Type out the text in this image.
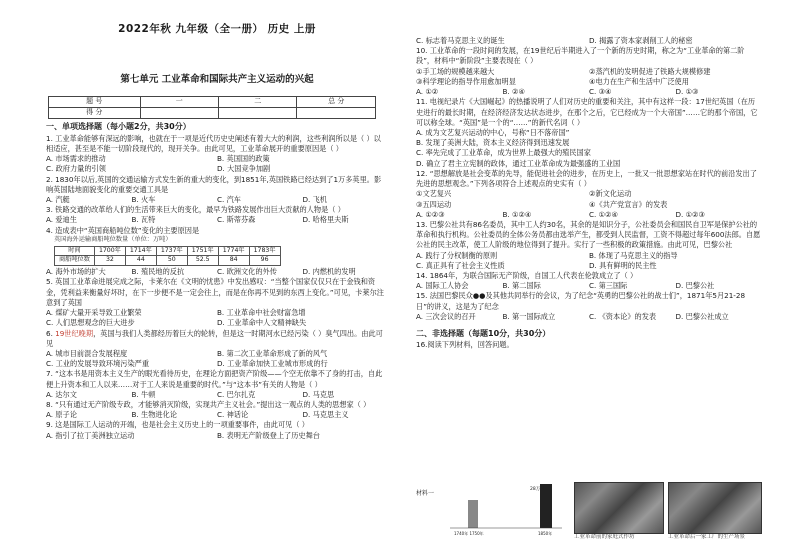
2022年秋 九年级（全一册） 历史 上册
第七单元 工业革命和国际共产主义运动的兴起
题 号	一	二	总 分
得 分			
一、单项选择题（每小题2分，共30分）
1. 工业革命能够有深远的影响，也就在于一项是近代历史史阐述有着大大的利润，这些利润所以是（ ）以相适应，甚至是不能一切阶段现代的，现开关争。由此可见，工业革命展开的重要原因是（ ）
A. 市场需求的推动	B. 英国国的政策
C. 政府力量的引领	D. 大国竞争加剧
2. 1830年以后,英国的交通运输方式发生新的重大的变化，到1851年,英国铁路已经达到了1万多英里。影响英国陆地面貌变化的重要交通工具是
A. 汽艇	B. 火车	C. 汽车	D. 飞机
3. 铁路交通的改革给人们的生活带来巨大的变化，最早为铁路发展作出巨大贡献的人物是（ ）
A. 爱迪生	B. 瓦特	C. 斯蒂芬森	D. 哈格里夫斯
4. 造成表中“英国商船吨位数”变化的主要原因是
英国海外运输商船吨位数量（单位：万吨）
时间	1700年	1714年	1737年	1751年	1774年	1783年
商船吨位数	32	44	50	52.5	84	96
A. 海外市场的扩大	B. 殖民地的反抗	C. 欧洲文化的外传	D. 内燃机的发明
5. 英国工业革命进展完成之际，卡莱尔在《文明的忧患》中发出感叹：“当整个国家仅仅只在于金钱和资金，凭利益来衡量好坏时，在下一步便不是一定会往上，而是在你再不见到的东西上变化。”可见，卡莱尔注意到了英国
A. 煤矿大量开采导致工业繁荣	B. 工业革命中社会财富急增
C. 人们思想观念的巨大进步	D. 工业革命中人文精神缺失
6. 19世纪晚期，英国与我们人类都经历着巨大的轮转，但是这一时期河水已经污染（ ）臭气四出。由此可见
A. 城市目前混合发展程度	B. 第二次工业革命形成了新的风气
C. 工业的发展导致环境污染严重	D. 工业革命加快工业城市形成的行
7. “这本书是用资本主义生产的眼光看待历史，在理论方面把资产阶级——个空无依靠不了身的打击，自此便上升资本和工人以来……对于工人来说是重要的时代。”与“这本书”有关的人物是（ ）
A. 达尔文	B. 牛顿	C. 巴尔扎克	D. 马克思
8. “只有通过无产阶级专政，才能够消灭阶级，实现共产主义社会。”提出这一观点的人类的思想家（ ）
A. 原子论	B. 生物进化论	C. 神话论	D. 马克思主义
9. 这是国际工人运动的开端，也是社会主义历史上的一项重要事件，由此可见（ ）
A. 指引了拉丁美洲独立运动	B. 表明无产阶级登上了历史舞台
C. 标志着马克思主义的诞生	D. 揭露了资本家剥削工人的秘密
10. 工业革命的一段时间的发展，在19世纪后半期进入了一个新的历史时期，称之为“工业革命的第二阶段”，材料中“新阶段”主要表现在（ ）
①手工场的规模越来越大	②蒸汽机的发明促进了铁路大规模修建
③科学理论的指导作用愈加明显	④电力在生产和生活中广泛使用
A. ①②	B. ②④	C. ③④	D. ①③
11. 电视纪录片《大国崛起》的热播说明了人们对历史的重要和关注，其中有这样一段：17世纪英国（在历史进行的最长时期，在经济经济发达状态进步，在那个之后，它已经成为一个大帝国”……它的那个帝国，它可以称全球。“英国”是一个的“……”的新代名词（ ）
A. 成为文艺复兴运动的中心，号称“日不落帝国”
B. 发现了美洲大陆，资本主义经济得到迅速发展
C. 率先完成了工业革命，成为世界上最强大的殖民国家
D. 确立了君主立宪制的政体，通过工业革命成为最强盛的工业国
12. “思想解放是社会变革的先导，能促进社会的进步，在历史上，一批又一批思想家站在时代的前沿发出了先进的思想观念。”下列各项符合上述观点的史实有（ ）
①文艺复兴	②新文化运动
③五四运动	④《共产党宣言》的发表
A. ①②③	B. ①②④	C. ①②④	D. ①②③
13. 巴黎公社共有86名委员，其中工人约30名，其余的是知识分子，公社委员会和国民自卫军是保护公社的革命和执行机构。公社委员的全体公务员都由选举产生，都受到人民监督，工资不得超过每年600法郎。自愿公社的民主改革，使工人阶级的地位得到了提升。实行了一些积极的政策措施。由此可见，巴黎公社
A. 践行了分权制衡的原则	B. 体现了马克思主义的指导
C. 真正具有了社会主义性质	D. 具有鲜明的民主性
14. 1864年，为联合国际无产阶级，自国工人代表在伦敦成立了（ ）
A. 国际工人协会	B. 第二国际	C. 第三国际	D. 巴黎公社
15. 法国巴黎民众●●及其他共同举行的会议，为了纪念“英勇的巴黎公社的战士们”，1871年5月21-28日”的讲义，这是为了纪念
A. 三次会议的召开	B. 第一国际成立	C. 《资本论》的发表	D. 巴黎公社成立
二、非选择题（每题10分，共30分）
16.阅读下列材料，回答问题。
材料一
28万吨
1740年 1750年	1850年
工业革命前的家庭式作坊	工业革命后一家工厂的生产场景
